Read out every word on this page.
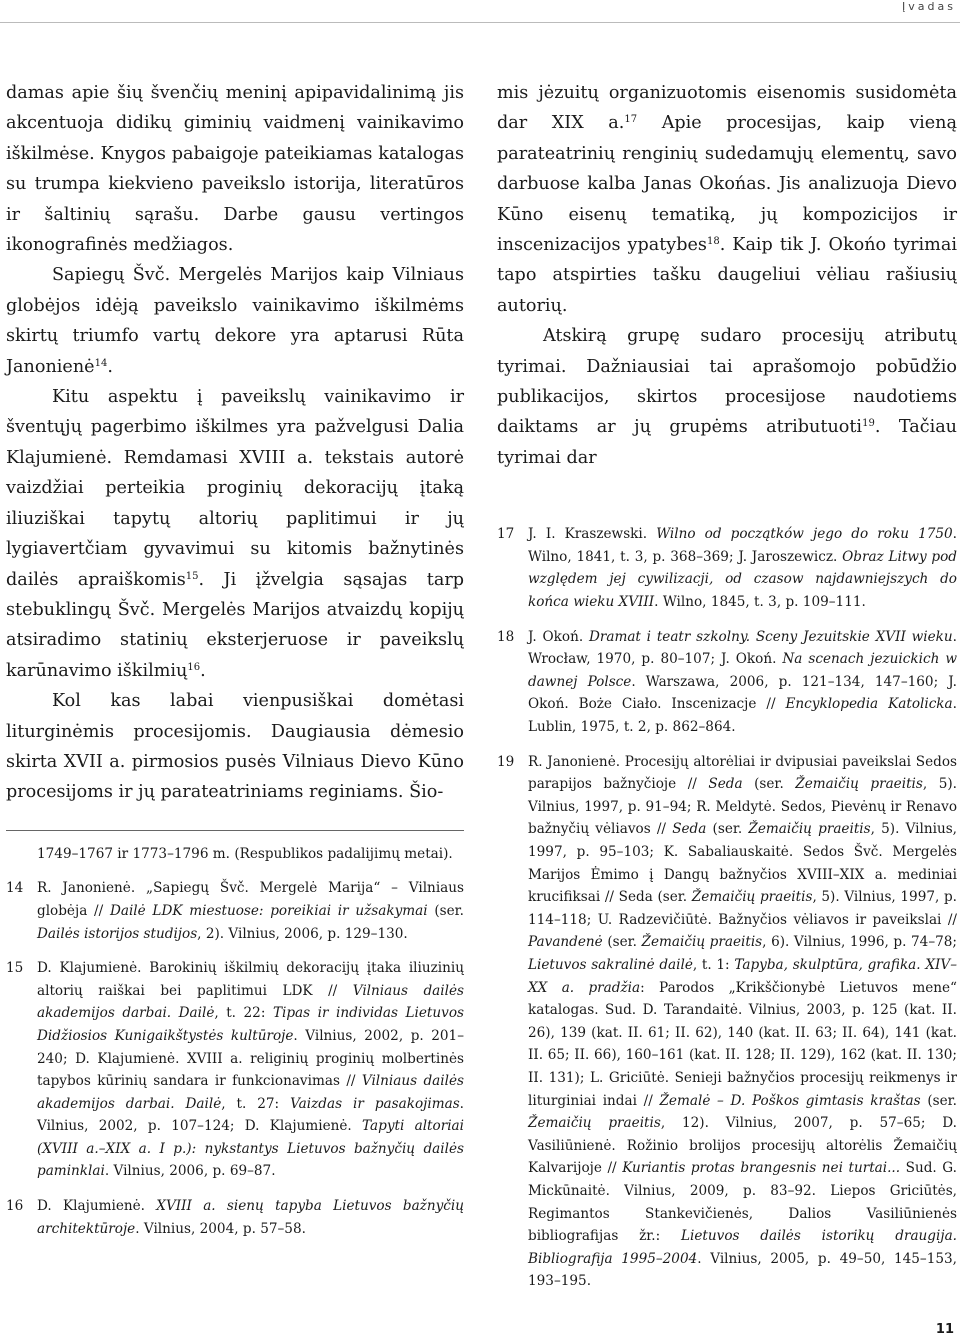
Įvadas

damas apie šių švenčių meninį apipavidalinimą jis akcentuoja didikų giminių vaidmenį vainikavimo iškilmėse. Knygos pabaigoje pateikiamas katalogas su trumpa kiekvieno paveikslo istorija, literatūros ir šaltinių sąrašu. Darbe gausu vertingos ikonografinės medžiagos.

Sapiegų Švč. Mergelės Marijos kaip Vilniaus globėjos idėją paveikslo vainikavimo iškilmėms skirtų triumfo vartų dekore yra aptarusi Rūta Janonienė$^{14}$.

Kitu aspektu į paveikslų vainikavimo ir šventųjų pagerbimo iškilmes yra pažvelgusi Dalia Klajumienė. Remdamasi XVIII a. tekstais autorė vaizdžiai perteikia proginių dekoracijų įtaką iliuziškai tapytų altorių paplitimui ir jų lygiavertčiam gyvavimui su kitomis bažnytinės dailės apraiškomis$^{15}$. Ji įžvelgia sąsajas tarp stebuklingų Švč. Mergelės Marijos atvaizdų kopijų atsiradimo statinių eksterjeruose ir paveikslų karūnavimo iškilmių$^{16}$.

Kol kas labai vienpusiškai domėtasi liturginėmis procesijomis. Daugiausia dėmesio skirta XVII a. pirmosios pusės Vilniaus Dievo Kūno procesijoms ir jų parateatriniams reginiams. Šio-

1749–1767 ir 1773–1796 m. (Respublikos padalijimų metai).
14 R. Janonienė. „Sapiegų Švč. Mergelė Marija“ – Vilniaus globėja // Dailė LDK miestuose: poreikiai ir užsakymai (ser. Dailės istorijos studijos, 2). Vilnius, 2006, p. 129–130.
15 D. Klajumienė. Barokinių iškilmių dekoracijų įtaka iliuzinių altorių raiškai bei paplitimui LDK // Vilniaus dailės akademijos darbai. Dailė, t. 22: Tipas ir individas Lietuvos Didžiosios Kunigaikštystės kultūroje. Vilnius, 2002, p. 201–240; D. Klajumienė. XVIII a. religinių proginių molbertinės tapybos kūrinių sandara ir funkcionavimas // Vilniaus dailės akademijos darbai. Dailė, t. 27: Vaizdas ir pasakojimas. Vilnius, 2002, p. 107–124; D. Klajumienė. Tapyti altoriai (XVIII a.–XIX a. I p.): nykstantys Lietuvos bažnyčių dailės paminklai. Vilnius, 2006, p. 69–87.
16 D. Klajumienė. XVIII a. sienų tapyba Lietuvos bažnyčių architektūroje. Vilnius, 2004, p. 57–58.

mis jėzuitų organizuotomis eisenomis susidomėta dar XIX a.$^{17}$ Apie procesijas, kaip vieną parateatrinių renginių sudedamųjų elementų, savo darbuose kalba Janas Okońas. Jis analizuoja Dievo Kūno eisenų tematiką, jų kompozicijos ir inscenizacijos ypatybes$^{18}$. Kaip tik J. Okońo tyrimai tapo atspirties tašku daugeliui vėliau rašiusių autorių.

Atskirą grupę sudaro procesijų atributų tyrimai. Dažniausiai tai aprašomojo pobūdžio publikacijos, skirtos procesijose naudotiems daiktams ar jų grupėms atributuoti$^{19}$. Tačiau tyrimai dar

17 J. I. Kraszewski. Wilno od początków jego do roku 1750. Wilno, 1841, t. 3, p. 368–369; J. Jaroszewicz. Obraz Litwy pod względem jej cywilizacji, od czasow najdawniejszych do końca wieku XVIII. Wilno, 1845, t. 3, p. 109–111.
18 J. Okoń. Dramat i teatr szkolny. Sceny Jezuitskie XVII wieku. Wrocław, 1970, p. 80–107; J. Okoń. Na scenach jezuickich w dawnej Polsce. Warszawa, 2006, p. 121–134, 147–160; J. Okoń. Boże Ciało. Inscenizacje // Encyklopedia Katolicka. Lublin, 1975, t. 2, p. 862–864.
19 R. Janonienė. Procesijų altorėliai ir dvipusiai paveikslai Sedos parapijos bažnyčioje // Seda (ser. Žemaičių praeitis, 5). Vilnius, 1997, p. 91–94; R. Meldytė. Sedos, Pievėnų ir Renavo bažnyčių vėliavos // Seda (ser. Žemaičių praeitis, 5). Vilnius, 1997, p. 95–103; K. Sabaliauskaitė. Sedos Švč. Mergelės Marijos Ėmimo į Dangų bažnyčios XVIII–XIX a. mediniai krucifiksai // Seda (ser. Žemaičių praeitis, 5). Vilnius, 1997, p. 114–118; U. Radzevičiūtė. Bažnyčios vėliavos ir paveikslai // Pavandenė (ser. Žemaičių praeitis, 6). Vilnius, 1996, p. 74–78; Lietuvos sakralinė dailė, t. 1: Tapyba, skulptūra, grafika. XIV–XX a. pradžia: Parodos „Krikščionybė Lietuvos mene“ katalogas. Sud. D. Tarandaitė. Vilnius, 2003, p. 125 (kat. II. 26), 139 (kat. II. 61; II. 62), 140 (kat. II. 63; II. 64), 141 (kat. II. 65; II. 66), 160–161 (kat. II. 128; II. 129), 162 (kat. II. 130; II. 131); L. Griciūtė. Senieji bažnyčios procesijų reikmenys ir liturginiai indai // Žemalė – D. Poškos gimtasis kraštas (ser. Žemaičių praeitis, 12). Vilnius, 2007, p. 57–65; D. Vasiliūnienė. Rožinio brolijos procesijų altorėlis Žemaičių Kalvarijoje // Kuriantis protas brangesnis nei turtai... Sud. G. Mickūnaitė. Vilnius, 2009, p. 83–92. Liepos Griciūtės, Regimantos Stankevičienės, Dalios Vasiliūnienės bibliografijas žr.: Lietuvos dailės istorikų draugija. Bibliografija 1995–2004. Vilnius, 2005, p. 49–50, 145–153, 193–195.
11
